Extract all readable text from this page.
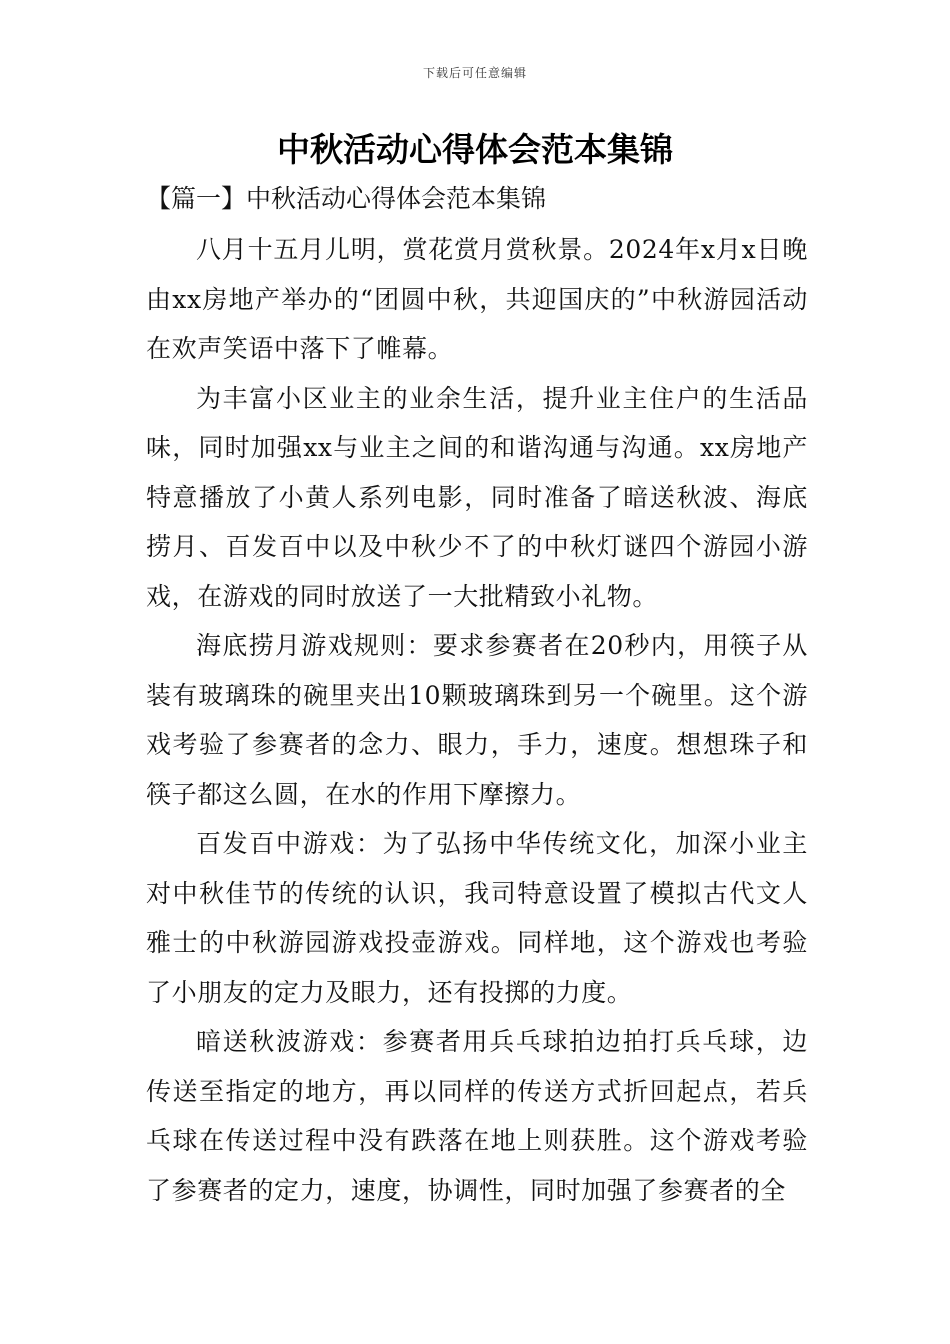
下载后可任意编辑
中秋活动心得体会范本集锦
【篇一】中秋活动心得体会范本集锦

八月十五月儿明，赏花赏月赏秋景。2024年x月x日晚由xx房地产举办的“团圆中秋，共迎国庆的”中秋游园活动在欢声笑语中落下了帷幕。

为丰富小区业主的业余生活，提升业主住户的生活品味，同时加强xx与业主之间的和谐沟通与沟通。xx房地产特意播放了小黄人系列电影，同时准备了暗送秋波、海底捞月、百发百中以及中秋少不了的中秋灯谜四个游园小游戏，在游戏的同时放送了一大批精致小礼物。

海底捞月游戏规则：要求参赛者在20秒内，用筷子从装有玻璃珠的碗里夹出10颗玻璃珠到另一个碗里。这个游戏考验了参赛者的念力、眼力，手力，速度。想想珠子和筷子都这么圆，在水的作用下摩擦力。

百发百中游戏：为了弘扬中华传统文化，加深小业主对中秋佳节的传统的认识，我司特意设置了模拟古代文人雅士的中秋游园游戏投壶游戏。同样地，这个游戏也考验了小朋友的定力及眼力，还有投掷的力度。

暗送秋波游戏：参赛者用兵乓球拍边拍打兵乓球，边传送至指定的地方，再以同样的传送方式折回起点，若兵乓球在传送过程中没有跌落在地上则获胜。这个游戏考验了参赛者的定力，速度，协调性，同时加强了参赛者的全
